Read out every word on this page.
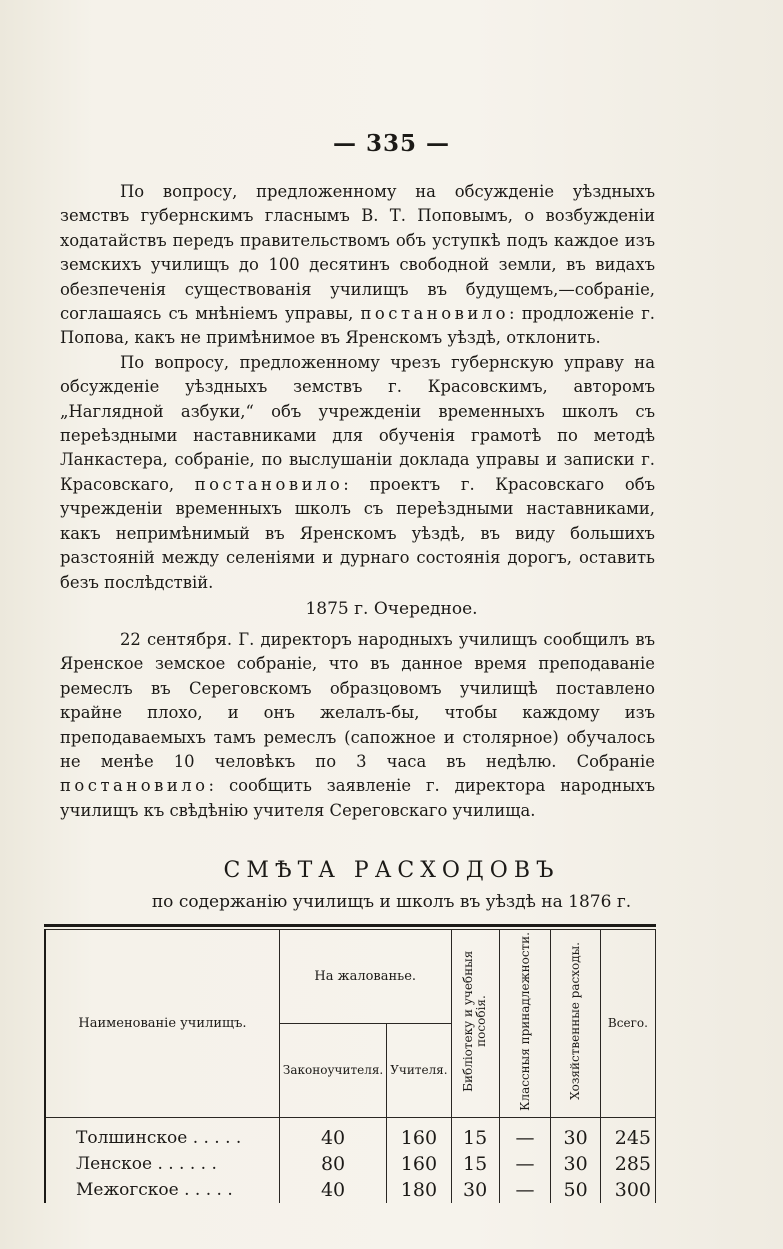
— 335 —

По вопросу, предложенному на обсужденіе уѣздныхъ земствъ губернскимъ гласнымъ В. Т. Поповымъ, о возбужденіи ходатайствъ передъ правительствомъ объ уступкѣ подъ каждое изъ земскихъ училищъ до 100 десятинъ свободной земли, въ видахъ обезпеченія существованія училищъ въ будущемъ,—собраніе, соглашаясь съ мнѣніемъ управы, постановило: продложеніе г. Попова, какъ не примѣнимое въ Яренскомъ уѣздѣ, отклонить.

По вопросу, предложенному чрезъ губернскую управу на обсужденіе уѣздныхъ земствъ г. Красовскимъ, авторомъ „Наглядной азбуки,“ объ учрежденіи временныхъ школъ съ переѣздными наставниками для обученія грамотѣ по методѣ Ланкастера, собраніе, по выслушаніи доклада управы и записки г. Красовскаго, постановило: проектъ г. Красовскаго объ учрежденіи временныхъ школъ съ переѣздными наставниками, какъ непримѣнимый въ Яренскомъ уѣздѣ, въ виду большихъ разстояній между селеніями и дурнаго состоянія дорогъ, оставить безъ послѣдствій.

1875 г. Очередное.

22 сентября. Г. директоръ народныхъ училищъ сообщилъ въ Яренское земское собраніе, что въ данное время преподаваніе ремеслъ въ Сереговскомъ образцовомъ училищѣ поставлено крайне плохо, и онъ желалъ-бы, чтобы каждому изъ преподаваемыхъ тамъ ремеслъ (сапожное и столярное) обучалось не менѣе 10 человѣкъ по 3 часа въ недѣлю. Собраніе постановило: сообщить заявленіе г. директора народныхъ училищъ къ свѣдѣнію учителя Сереговскаго училища.

СМѢТА РАСХОДОВЪ
по содержанію училищъ и школъ въ уѣздѣ на 1876 г.
Наименованіе училищъ.	На жалованье.		Библіотеку и учебныя пособія.	Классныя принадлежности.	Хозяйственные расходы.	Всего.
	Законоучителя.	Учителя.				
Толшинское . . . . .	40	160	15	—	30	245
Ленское . . . . . .	80	160	15	—	30	285
Межогское . . . . .	40	180	30	—	50	300
